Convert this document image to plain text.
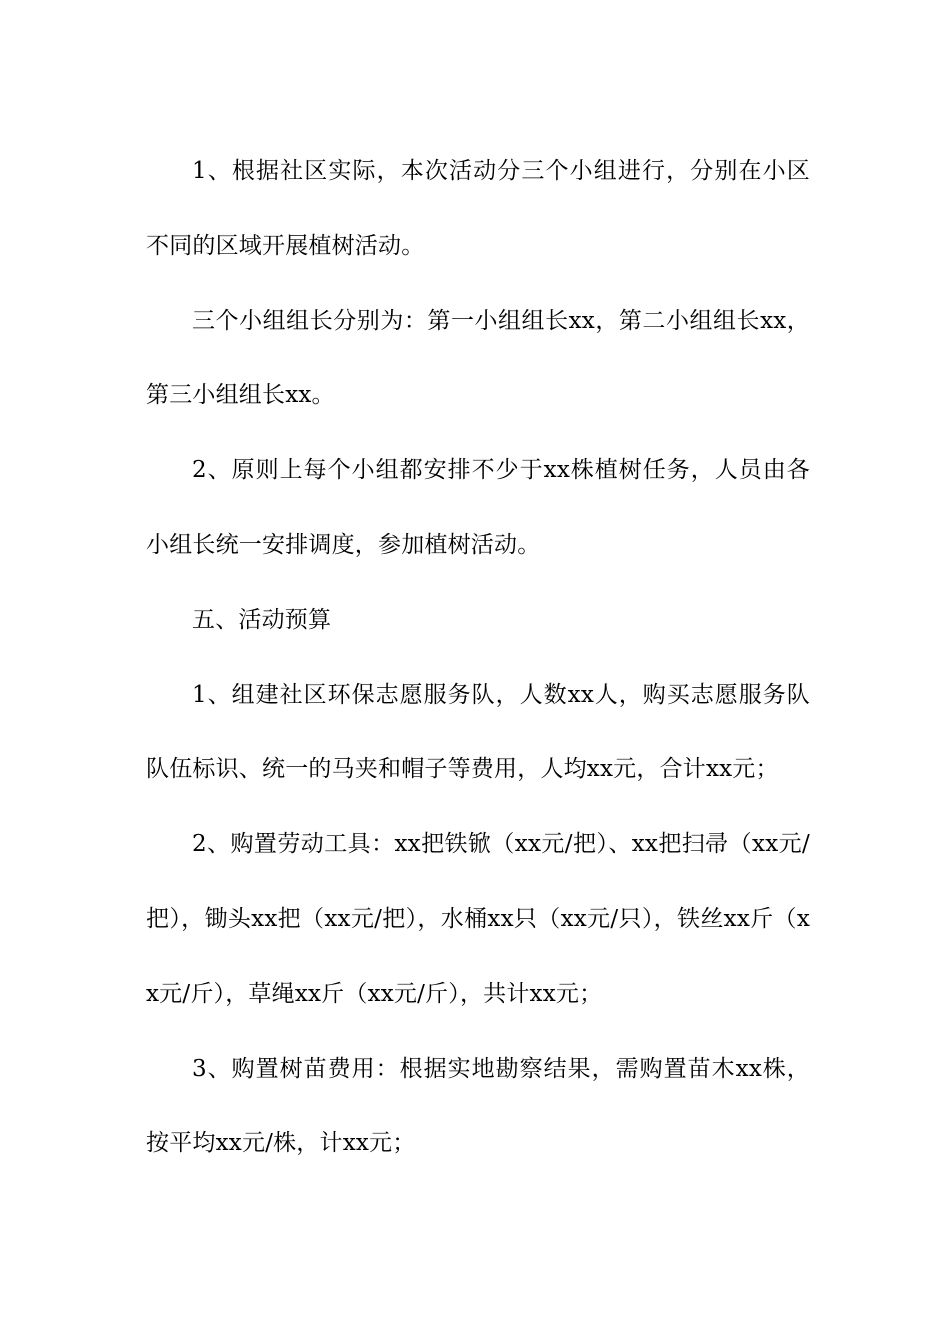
1、根据社区实际，本次活动分三个小组进行，分别在小区不同的区域开展植树活动。

三个小组组长分别为：第一小组组长xx，第二小组组长xx，第三小组组长xx。

2、原则上每个小组都安排不少于xx株植树任务，人员由各小组长统一安排调度，参加植树活动。

五、活动预算

1、组建社区环保志愿服务队，人数xx人，购买志愿服务队队伍标识、统一的马夹和帽子等费用，人均xx元，合计xx元；

2、购置劳动工具：xx把铁锨（xx元/把）、xx把扫帚（xx元/把），锄头xx把（xx元/把），水桶xx只（xx元/只），铁丝xx斤（xx元/斤），草绳xx斤（xx元/斤），共计xx元；

3、购置树苗费用：根据实地勘察结果，需购置苗木xx株，按平均xx元/株，计xx元；
